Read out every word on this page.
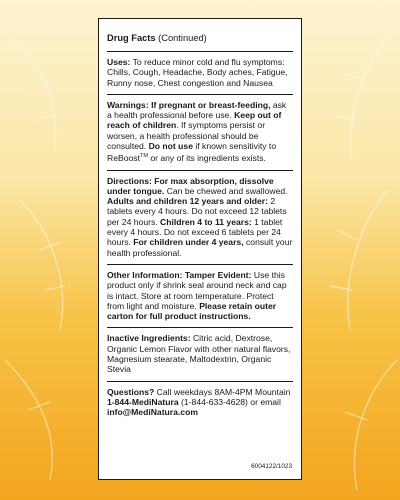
Drug Facts (Continued)
Uses: To reduce minor cold and flu symptoms: Chills, Cough, Headache, Body aches, Fatigue, Runny nose, Chest congestion and Nausea
Warnings: If pregnant or breast-feeding, ask a health professional before use. Keep out of reach of children. If symptoms persist or worsen, a health professional should be consulted. Do not use if known sensitivity to ReBoost™ or any of its ingredients exists.
Directions: For max absorption, dissolve under tongue. Can be chewed and swallowed. Adults and children 12 years and older: 2 tablets every 4 hours. Do not exceed 12 tablets per 24 hours. Children 4 to 11 years: 1 tablet every 4 hours. Do not exceed 6 tablets per 24 hours. For children under 4 years, consult your health professional.
Other Information: Tamper Evident: Use this product only if shrink seal around neck and cap is intact. Store at room temperature. Protect from light and moisture. Please retain outer carton for full product instructions.
Inactive Ingredients: Citric acid, Dextrose, Organic Lemon Flavor with other natural flavors, Magnesium stearate, Maltodextrin, Organic Stevia
Questions? Call weekdays 8AM-4PM Mountain 1-844-MediNatura (1-844-633-4628) or email info@MediNatura.com
6004122/1023
